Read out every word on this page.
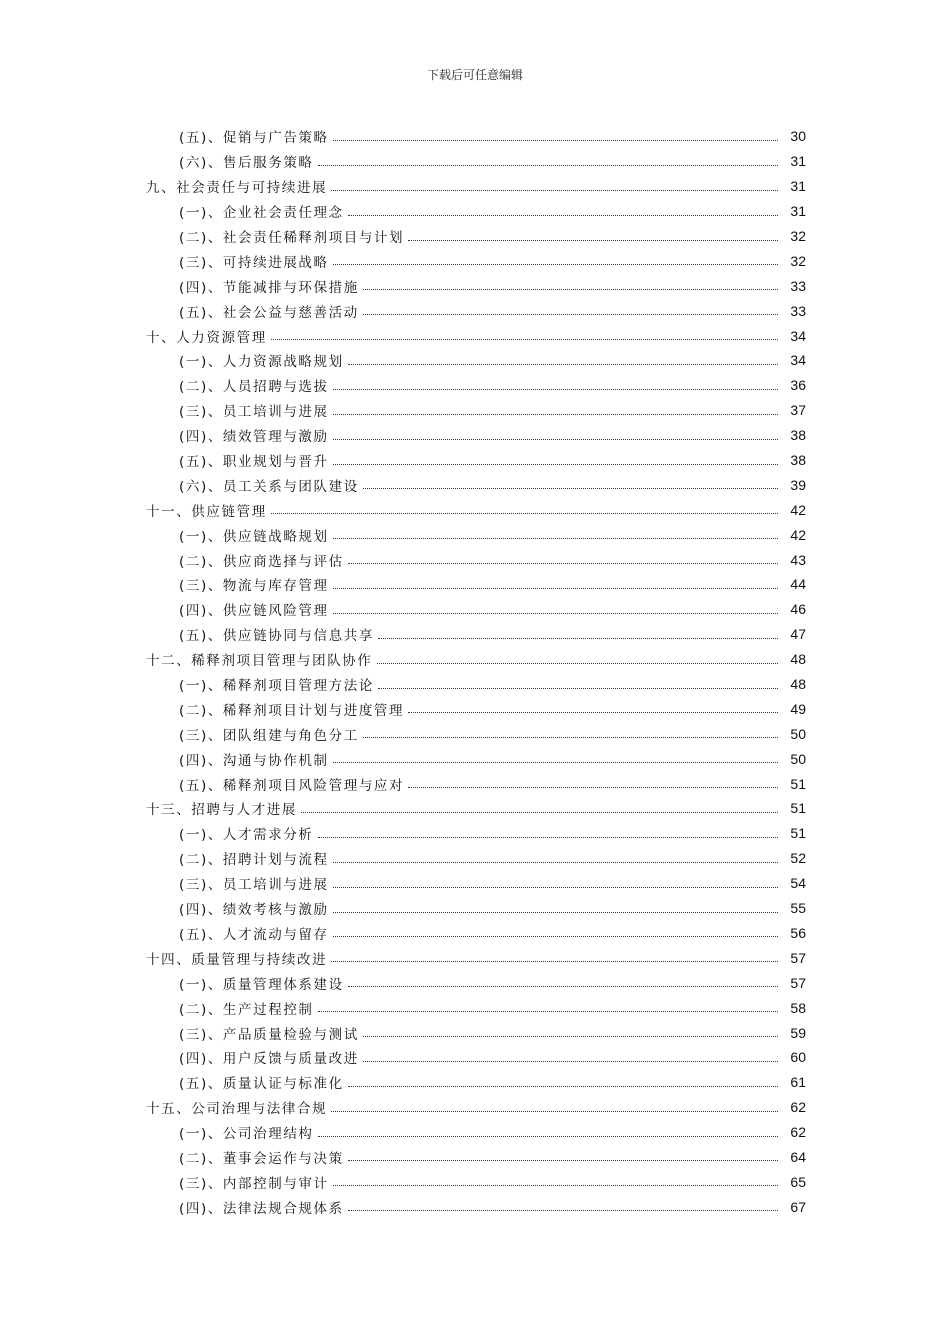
下载后可任意编辑
(五)、促销与广告策略	30
(六)、售后服务策略	31
九、社会责任与可持续进展	31
(一)、企业社会责任理念	31
(二)、社会责任稀释剂项目与计划	32
(三)、可持续进展战略	32
(四)、节能减排与环保措施	33
(五)、社会公益与慈善活动	33
十、人力资源管理	34
(一)、人力资源战略规划	34
(二)、人员招聘与选拔	36
(三)、员工培训与进展	37
(四)、绩效管理与激励	38
(五)、职业规划与晋升	38
(六)、员工关系与团队建设	39
十一、供应链管理	42
(一)、供应链战略规划	42
(二)、供应商选择与评估	43
(三)、物流与库存管理	44
(四)、供应链风险管理	46
(五)、供应链协同与信息共享	47
十二、稀释剂项目管理与团队协作	48
(一)、稀释剂项目管理方法论	48
(二)、稀释剂项目计划与进度管理	49
(三)、团队组建与角色分工	50
(四)、沟通与协作机制	50
(五)、稀释剂项目风险管理与应对	51
十三、招聘与人才进展	51
(一)、人才需求分析	51
(二)、招聘计划与流程	52
(三)、员工培训与进展	54
(四)、绩效考核与激励	55
(五)、人才流动与留存	56
十四、质量管理与持续改进	57
(一)、质量管理体系建设	57
(二)、生产过程控制	58
(三)、产品质量检验与测试	59
(四)、用户反馈与质量改进	60
(五)、质量认证与标准化	61
十五、公司治理与法律合规	62
(一)、公司治理结构	62
(二)、董事会运作与决策	64
(三)、内部控制与审计	65
(四)、法律法规合规体系	67
